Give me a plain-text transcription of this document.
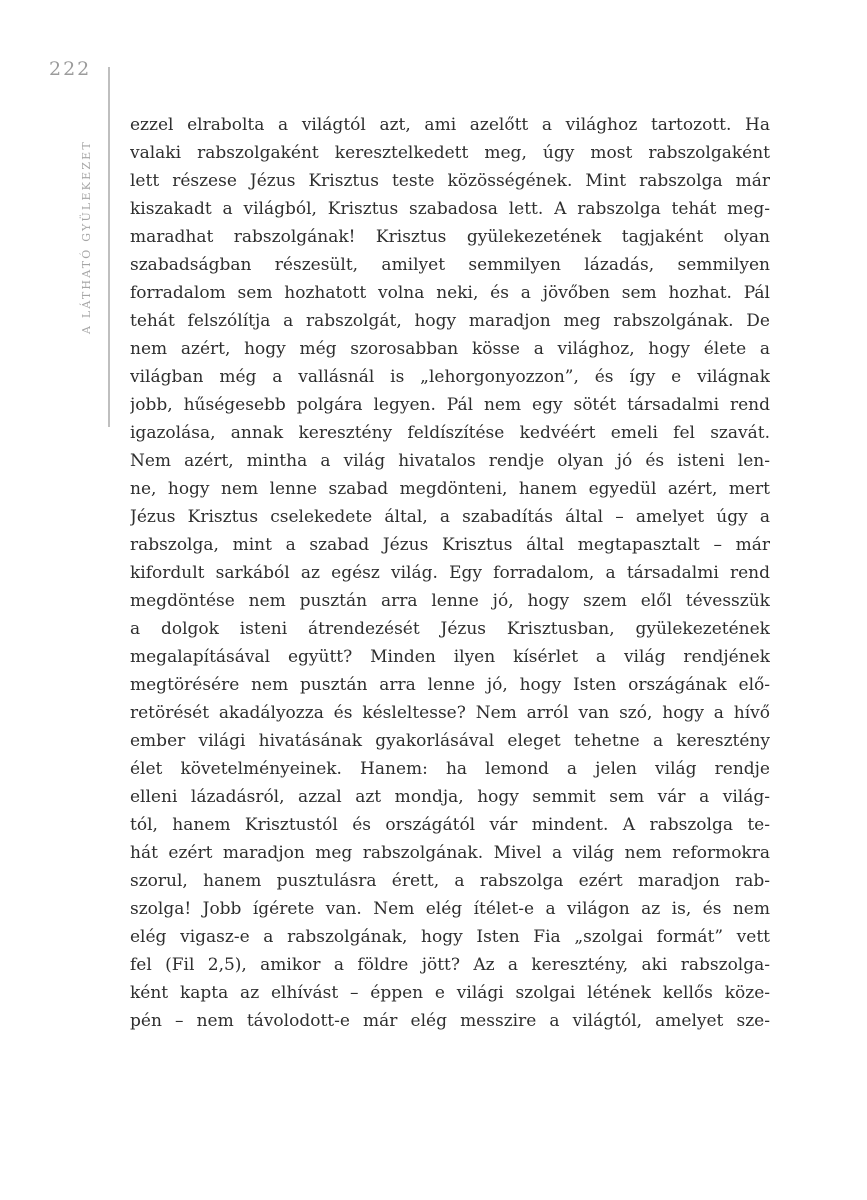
222
A LÁTHATÓ GYÜLEKEZET
ezzel elrabolta a világtól azt, ami azelőtt a világhoz tartozott. Ha
valaki rabszolgaként keresztelkedett meg, úgy most rabszolgaként
lett részese Jézus Krisztus teste közösségének. Mint rabszolga már
kiszakadt a világból, Krisztus szabadosa lett. A rabszolga tehát meg-
maradhat rabszolgának! Krisztus gyülekezetének tagjaként olyan
szabadságban részesült, amilyet semmilyen lázadás, semmilyen
forradalom sem hozhatott volna neki, és a jövőben sem hozhat. Pál
tehát felszólítja a rabszolgát, hogy maradjon meg rabszolgának. De
nem azért, hogy még szorosabban kösse a világhoz, hogy élete a
világban még a vallásnál is „lehorgonyozzon”, és így e világnak
jobb, hűségesebb polgára legyen. Pál nem egy sötét társadalmi rend
igazolása, annak keresztény feldíszítése kedvéért emeli fel szavát.
Nem azért, mintha a világ hivatalos rendje olyan jó és isteni len-
ne, hogy nem lenne szabad megdönteni, hanem egyedül azért, mert
Jézus Krisztus cselekedete által, a szabadítás által – amelyet úgy a
rabszolga, mint a szabad Jézus Krisztus által megtapasztalt – már
kifordult sarkából az egész világ. Egy forradalom, a társadalmi rend
megdöntése nem pusztán arra lenne jó, hogy szem elől tévesszük
a dolgok isteni átrendezését Jézus Krisztusban, gyülekezetének
megalapításával együtt? Minden ilyen kísérlet a világ rendjének
megtörésére nem pusztán arra lenne jó, hogy Isten országának elő-
retörését akadályozza és késleltesse? Nem arról van szó, hogy a hívő
ember világi hivatásának gyakorlásával eleget tehetne a keresztény
élet követelményeinek. Hanem: ha lemond a jelen világ rendje
elleni lázadásról, azzal azt mondja, hogy semmit sem vár a világ-
tól, hanem Krisztustól és országától vár mindent. A rabszolga te-
hát ezért maradjon meg rabszolgának. Mivel a világ nem reformokra
szorul, hanem pusztulásra érett, a rabszolga ezért maradjon rab-
szolga! Jobb ígérete van. Nem elég ítélet-e a világon az is, és nem
elég vigasz-e a rabszolgának, hogy Isten Fia „szolgai formát” vett
fel (Fil 2,5), amikor a földre jött? Az a keresztény, aki rabszolga-
ként kapta az elhívást – éppen e világi szolgai létének kellős köze-
pén – nem távolodott-e már elég messzire a világtól, amelyet sze-
